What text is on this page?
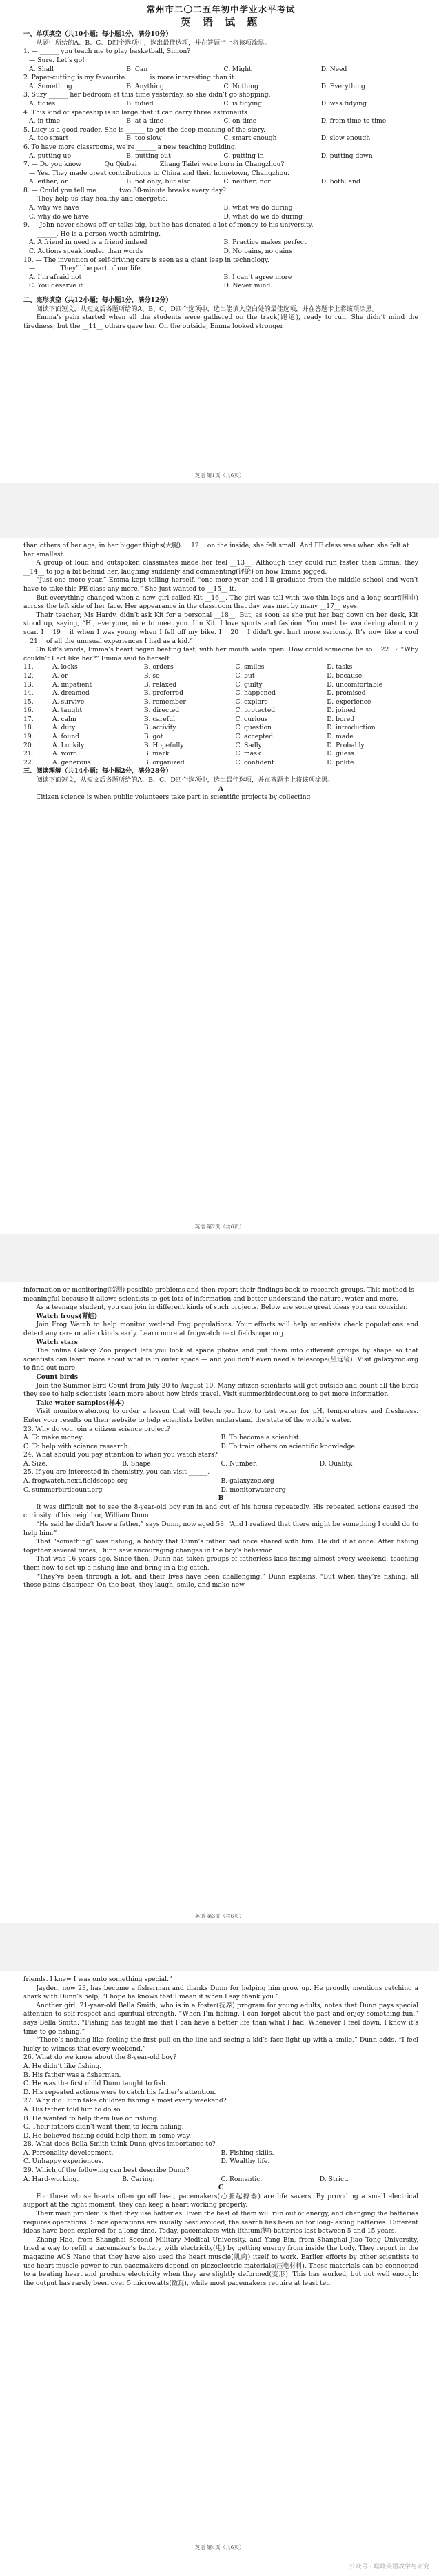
常州市二〇二五年初中学业水平考试
英 语 试 题
一、单项填空（共10小题；每小题1分，满分10分）
从题中所给的A、B、C、D四个选项中，选出最佳选项，并在答题卡上将该项涂黑。
1. — ______ you teach me to play basketball, Simon?
— Sure. Let’s go!
A. Shall	B. Can	C. Might	D. Need
2. Paper-cutting is my favourite. ______ is more interesting than it.
A. Something	B. Anything	C. Nothing	D. Everything
3. Suzy ______ her bedroom at this time yesterday, so she didn’t go shopping.
A. tidies	B. tidied	C. is tidying	D. was tidying
4. This kind of spaceship is so large that it can carry three astronauts ______.
A. in time	B. at a time	C. on time	D. from time to time
5. Lucy is a good reader. She is ______ to get the deep meaning of the story.
A. too smart	B. too slow	C. smart enough	D. slow enough
6. To have more classrooms, we’re ______ a new teaching building.
A. putting up	B. putting out	C. putting in	D. putting down
7. — Do you know ______ Qu Qiubai ______ Zhang Tailei were born in Changzhou?
— Yes. They made great contributions to China and their hometown, Changzhou.
A. either; or	B. not only; but also	C. neither; nor	D. both; and
8. — Could you tell me ______ two 30-minute breaks every day?
— They help us stay healthy and energetic.
A. why we have	B. what we do during
C. why do we have	D. what do we do during
9. — John never shows off or talks big, but he has donated a lot of money to his university.
— ______. He is a person worth admiring.
A. A friend in need is a friend indeed	B. Practice makes perfect
C. Actions speak louder than words	D. No pains, no gains
10. — The invention of self-driving cars is seen as a giant leap in technology.
— ______. They’ll be part of our life.
A. I’m afraid not	B. I can’t agree more
C. You deserve it	D. Never mind
二、完形填空（共12小题；每小题1分，满分12分）
阅读下面短文，从短文后各题所给的A、B、C、D四个选项中，选出能填入空白处的最佳选项，并在答题卡上将该项涂黑。
Emma’s pain started when all the students were gathered on the track(跑道), ready to run. She didn’t mind the tiredness, but the __11__ others gave her. On the outside, Emma looked stronger
英语 第1页（共6页）
than others of her age, in her bigger thighs(大腿). __12__ on the inside, she felt small. And PE class was when she felt at her smallest.
A group of loud and outspoken classmates made her feel __13__. Although they could run faster than Emma, they __14__ to jog a bit behind her, laughing suddenly and commenting(评论) on how Emma jogged.
“Just one more year,” Emma kept telling herself, “one more year and I’ll graduate from the middle school and won’t have to take this PE class any more.” She just wanted to __15__ it.
But everything changed when a new girl called Kit __16__. The girl was tall with two thin legs and a long scarf(围巾) across the left side of her face. Her appearance in the classroom that day was met by many __17__ eyes.
Their teacher, Ms Hardy, didn’t ask Kit for a personal __18__. But, as soon as she put her bag down on her desk, Kit stood up, saying, “Hi, everyone, nice to meet you. I’m Kit. I love sports and fashion. You must be wondering about my scar. I __19__ it when I was young when I fell off my bike. I __20__ I didn’t get hurt more seriously. It’s now like a cool __21__ of all the unusual experiences I had as a kid.”
On Kit’s words, Emma’s heart began beating fast, with her mouth wide open. How could someone be so __22__? “Why couldn’t I act like her?” Emma said to herself.
11.	A. looks	B. orders	C. smiles	D. tasks
12.	A. or	B. so	C. but	D. because
13.	A. impatient	B. relaxed	C. guilty	D. uncomfortable
14.	A. dreamed	B. preferred	C. happened	D. promised
15.	A. survive	B. remember	C. explore	D. experience
16.	A. taught	B. directed	C. protected	D. joined
17.	A. calm	B. careful	C. curious	D. bored
18.	A. duty	B. activity	C. question	D. introduction
19.	A. found	B. got	C. accepted	D. made
20.	A. Luckily	B. Hopefully	C. Sadly	D. Probably
21.	A. word	B. mark	C. mask	D. guess
22.	A. generous	B. organized	C. confident	D. polite
三、阅读理解（共14小题；每小题2分，满分28分）
阅读下面短文，从短文后各题所给的A、B、C、D四个选项中，选出最佳选项，并在答题卡上将该项涂黑。
A
Citizen science is when public volunteers take part in scientific projects by collecting
英语 第2页（共6页）
information or monitoring(监测) possible problems and then report their findings back to research groups. This method is meaningful because it allows scientists to get lots of information and better understand the nature, water and more.
As a teenage student, you can join in different kinds of such projects. Below are some great ideas you can consider.
Watch frogs(青蛙)
Join Frog Watch to help monitor wetland frog populations. Your efforts will help scientists check populations and detect any rare or alien kinds early. Learn more at frogwatch.next.fieldscope.org.
Watch stars
The online Galaxy Zoo project lets you look at space photos and put them into different groups by shape so that scientists can learn more about what is in outer space — and you don’t even need a telescope(望远镜)! Visit galaxyzoo.org to find out more.
Count birds
Join the Summer Bird Count from July 20 to August 10. Many citizen scientists will get outside and count all the birds they see to help scientists learn more about how birds travel. Visit summerbirdcount.org to get more information.
Take water samples(样本)
Visit monitorwater.org to order a lesson that will teach you how to test water for pH, temperature and freshness. Enter your results on their website to help scientists better understand the state of the world’s water.
23. Why do you join a citizen science project?
A. To make money.	B. To become a scientist.
C. To help with science research.	D. To train others on scientific knowledge.
24. What should you pay attention to when you watch stars?
A. Size.	B. Shape.	C. Number.	D. Quality.
25. If you are interested in chemistry, you can visit ______.
A. frogwatch.next.fieldscope.org	B. galaxyzoo.org
C. summerbirdcount.org	D. monitorwater.org
B
It was difficult not to see the 8-year-old boy run in and out of his house repeatedly. His repeated actions caused the curiosity of his neighbor, William Dunn.
“He said he didn’t have a father,” says Dunn, now aged 58. “And I realized that there might be something I could do to help him.”
That “something” was fishing, a hobby that Dunn’s father had once shared with him. He did it at once. After fishing together several times, Dunn saw encouraging changes in the boy’s behavior.
That was 16 years ago. Since then, Dunn has taken groups of fatherless kids fishing almost every weekend, teaching them how to set up a fishing line and bring in a big catch.
“They’ve been through a lot, and their lives have been challenging,” Dunn explains. “But when they’re fishing, all those pains disappear. On the boat, they laugh, smile, and make new
英语 第3页（共6页）
friends. I knew I was onto something special.”
Jayden, now 23, has become a fisherman and thanks Dunn for helping him grow up. He proudly mentions catching a shark with Dunn’s help, “I hope he knows that I mean it when I say thank you.”
Another girl, 21-year-old Bella Smith, who is in a foster(抚养) program for young adults, notes that Dunn pays special attention to self-respect and spiritual strength. “When I’m fishing, I can forget about the past and enjoy something fun,” says Bella Smith. “Fishing has taught me that I can have a better life than what I had. Whenever I feel down, I know it’s time to go fishing.”
“There’s nothing like feeling the first pull on the line and seeing a kid’s face light up with a smile,” Dunn adds. “I feel lucky to witness that every weekend.”
26. What do we know about the 8-year-old boy?
A. He didn’t like fishing.
B. His father was a fisherman.
C. He was the first child Dunn taught to fish.
D. His repeated actions were to catch his father’s attention.
27. Why did Dunn take children fishing almost every weekend?
A. His father told him to do so.
B. He wanted to help them live on fishing.
C. Their fathers didn’t want them to learn fishing.
D. He believed fishing could help them in some way.
28. What does Bella Smith think Dunn gives importance to?
A. Personality development.	B. Fishing skills.
C. Unhappy experiences.	D. Wealthy life.
29. Which of the following can best describe Dunn?
A. Hard-working.	B. Caring.	C. Romantic.	D. Strict.
C
For those whose hearts often go off beat, pacemakers(心脏起搏器) are life savers. By providing a small electrical support at the right moment, they can keep a heart working properly.
Their main problem is that they use batteries. Even the best of them will run out of energy, and changing the batteries requires operations. Since operations are usually best avoided, the search has been on for long-lasting batteries. Different ideas have been explored for a long time. Today, pacemakers with lithium(锂) batteries last between 5 and 15 years.
Zhang Hao, from Shanghai Second Military Medical University, and Yang Bin, from Shanghai Jiao Tong University, tried a way to refill a pacemaker’s battery with electricity(电) by getting energy from inside the body. They report in the magazine ACS Nano that they have also used the heart muscle(肌肉) itself to work. Earlier efforts by other scientists to use heart muscle power to run pacemakers depend on piezoelectric materials(压电材料). These materials can be connected to a beating heart and produce electricity when they are slightly deformed(变形). This has worked, but not well enough: the output has rarely been over 5 microwatts(微瓦), while most pacemakers require at least ten.
英语 第4页（共6页）
公众号 · 巅峰英语教学与研究
